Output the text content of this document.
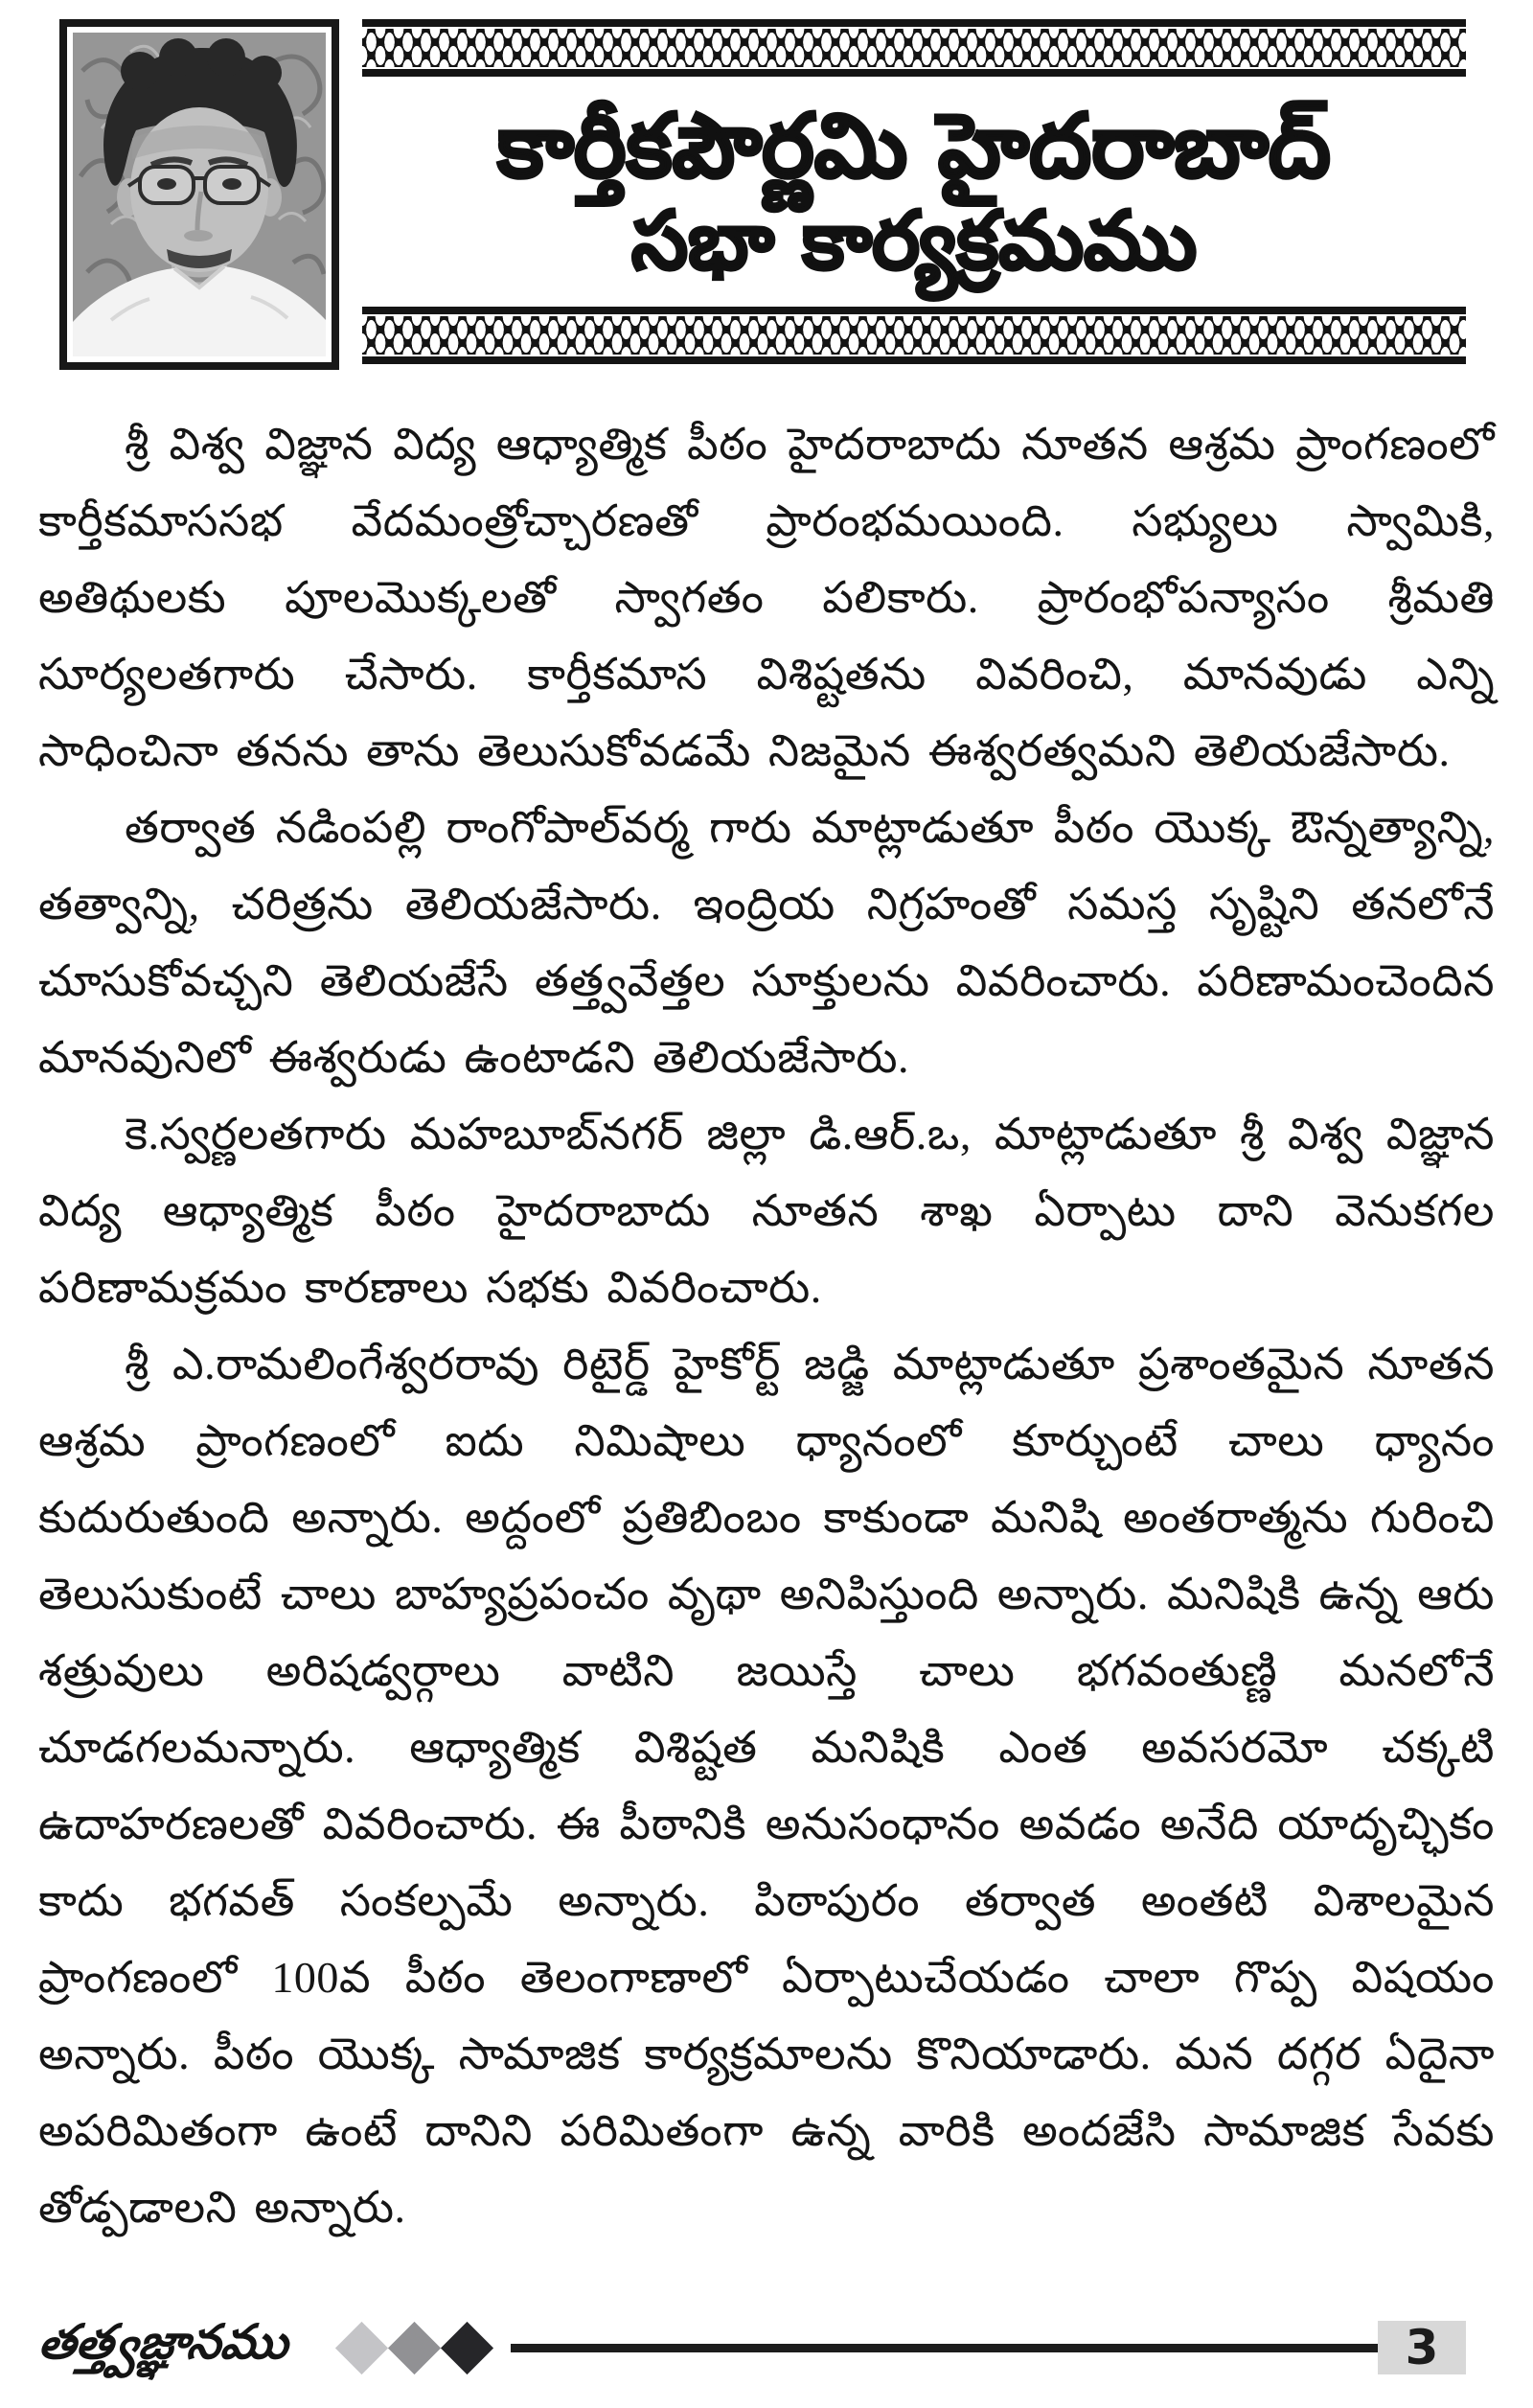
కార్తీకపౌర్ణమి హైదరాబాద్
సభా కార్యక్రమము

శ్రీ విశ్వ విజ్ఞాన విద్య ఆధ్యాత్మిక పీఠం హైదరాబాదు నూతన ఆశ్రమ ప్రాంగణంలో కార్తీకమాససభ వేదమంత్రోచ్చారణతో ప్రారంభమయింది. సభ్యులు స్వామికి, అతిథులకు పూలమొక్కలతో స్వాగతం పలికారు. ప్రారంభోపన్యాసం శ్రీమతి సూర్యలతగారు చేసారు. కార్తీకమాస విశిష్టతను వివరించి, మానవుడు ఎన్ని సాధించినా తనను తాను తెలుసుకోవడమే నిజమైన ఈశ్వరత్వమని తెలియజేసారు.

తర్వాత నడింపల్లి రాంగోపాల్‌వర్మ గారు మాట్లాడుతూ పీఠం యొక్క ఔన్నత్యాన్ని, తత్వాన్ని, చరిత్రను తెలియజేసారు. ఇంద్రియ నిగ్రహంతో సమస్త సృష్టిని తనలోనే చూసుకోవచ్చని తెలియజేసే తత్త్వవేత్తల సూక్తులను వివరించారు. పరిణామంచెందిన మానవునిలో ఈశ్వరుడు ఉంటాడని తెలియజేసారు.

కె.స్వర్ణలతగారు మహబూబ్‌నగర్ జిల్లా డి.ఆర్.ఒ, మాట్లాడుతూ శ్రీ విశ్వ విజ్ఞాన విద్య ఆధ్యాత్మిక పీఠం హైదరాబాదు నూతన శాఖ ఏర్పాటు దాని వెనుకగల పరిణామక్రమం కారణాలు సభకు వివరించారు.

శ్రీ ఎ.రామలింగేశ్వరరావు రిటైర్డ్ హైకోర్ట్ జడ్జి మాట్లాడుతూ ప్రశాంతమైన నూతన ఆశ్రమ ప్రాంగణంలో ఐదు నిమిషాలు ధ్యానంలో కూర్చుంటే చాలు ధ్యానం కుదురుతుంది అన్నారు. అద్దంలో ప్రతిబింబం కాకుండా మనిషి అంతరాత్మను గురించి తెలుసుకుంటే చాలు బాహ్యప్రపంచం వృథా అనిపిస్తుంది అన్నారు. మనిషికి ఉన్న ఆరు శత్రువులు అరిషడ్వర్గాలు వాటిని జయిస్తే చాలు భగవంతుణ్ణి మనలోనే చూడగలమన్నారు. ఆధ్యాత్మిక విశిష్టత మనిషికి ఎంత అవసరమో చక్కటి ఉదాహరణలతో వివరించారు. ఈ పీఠానికి అనుసంధానం అవడం అనేది యాదృచ్ఛికం కాదు భగవత్ సంకల్పమే అన్నారు. పిఠాపురం తర్వాత అంతటి విశాలమైన ప్రాంగణంలో 100వ పీఠం తెలంగాణాలో ఏర్పాటుచేయడం చాలా గొప్ప విషయం అన్నారు. పీఠం యొక్క సామాజిక కార్యక్రమాలను కొనియాడారు. మన దగ్గర ఏదైనా అపరిమితంగా ఉంటే దానిని పరిమితంగా ఉన్న వారికి అందజేసి సామాజిక సేవకు తోడ్పడాలని అన్నారు.

తత్త్వజ్ఞానము	3
